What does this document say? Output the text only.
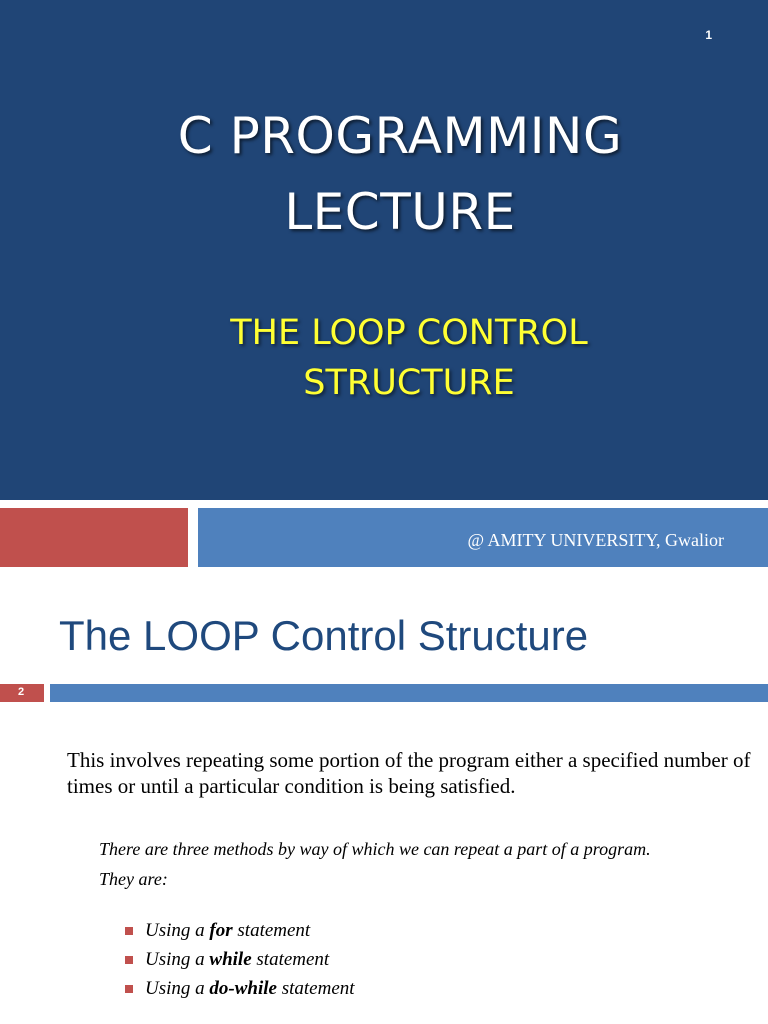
1
C PROGRAMMING
LECTURE
THE LOOP CONTROL
STRUCTURE
@ AMITY UNIVERSITY, Gwalior
The LOOP Control Structure
2
This involves repeating some portion of the program either a specified number of times or until a particular condition is being satisfied.
There are three methods by way of which we can repeat a part of a program.
They are:
Using a
for
statement
Using a
while
statement
Using a
do-while
statement
